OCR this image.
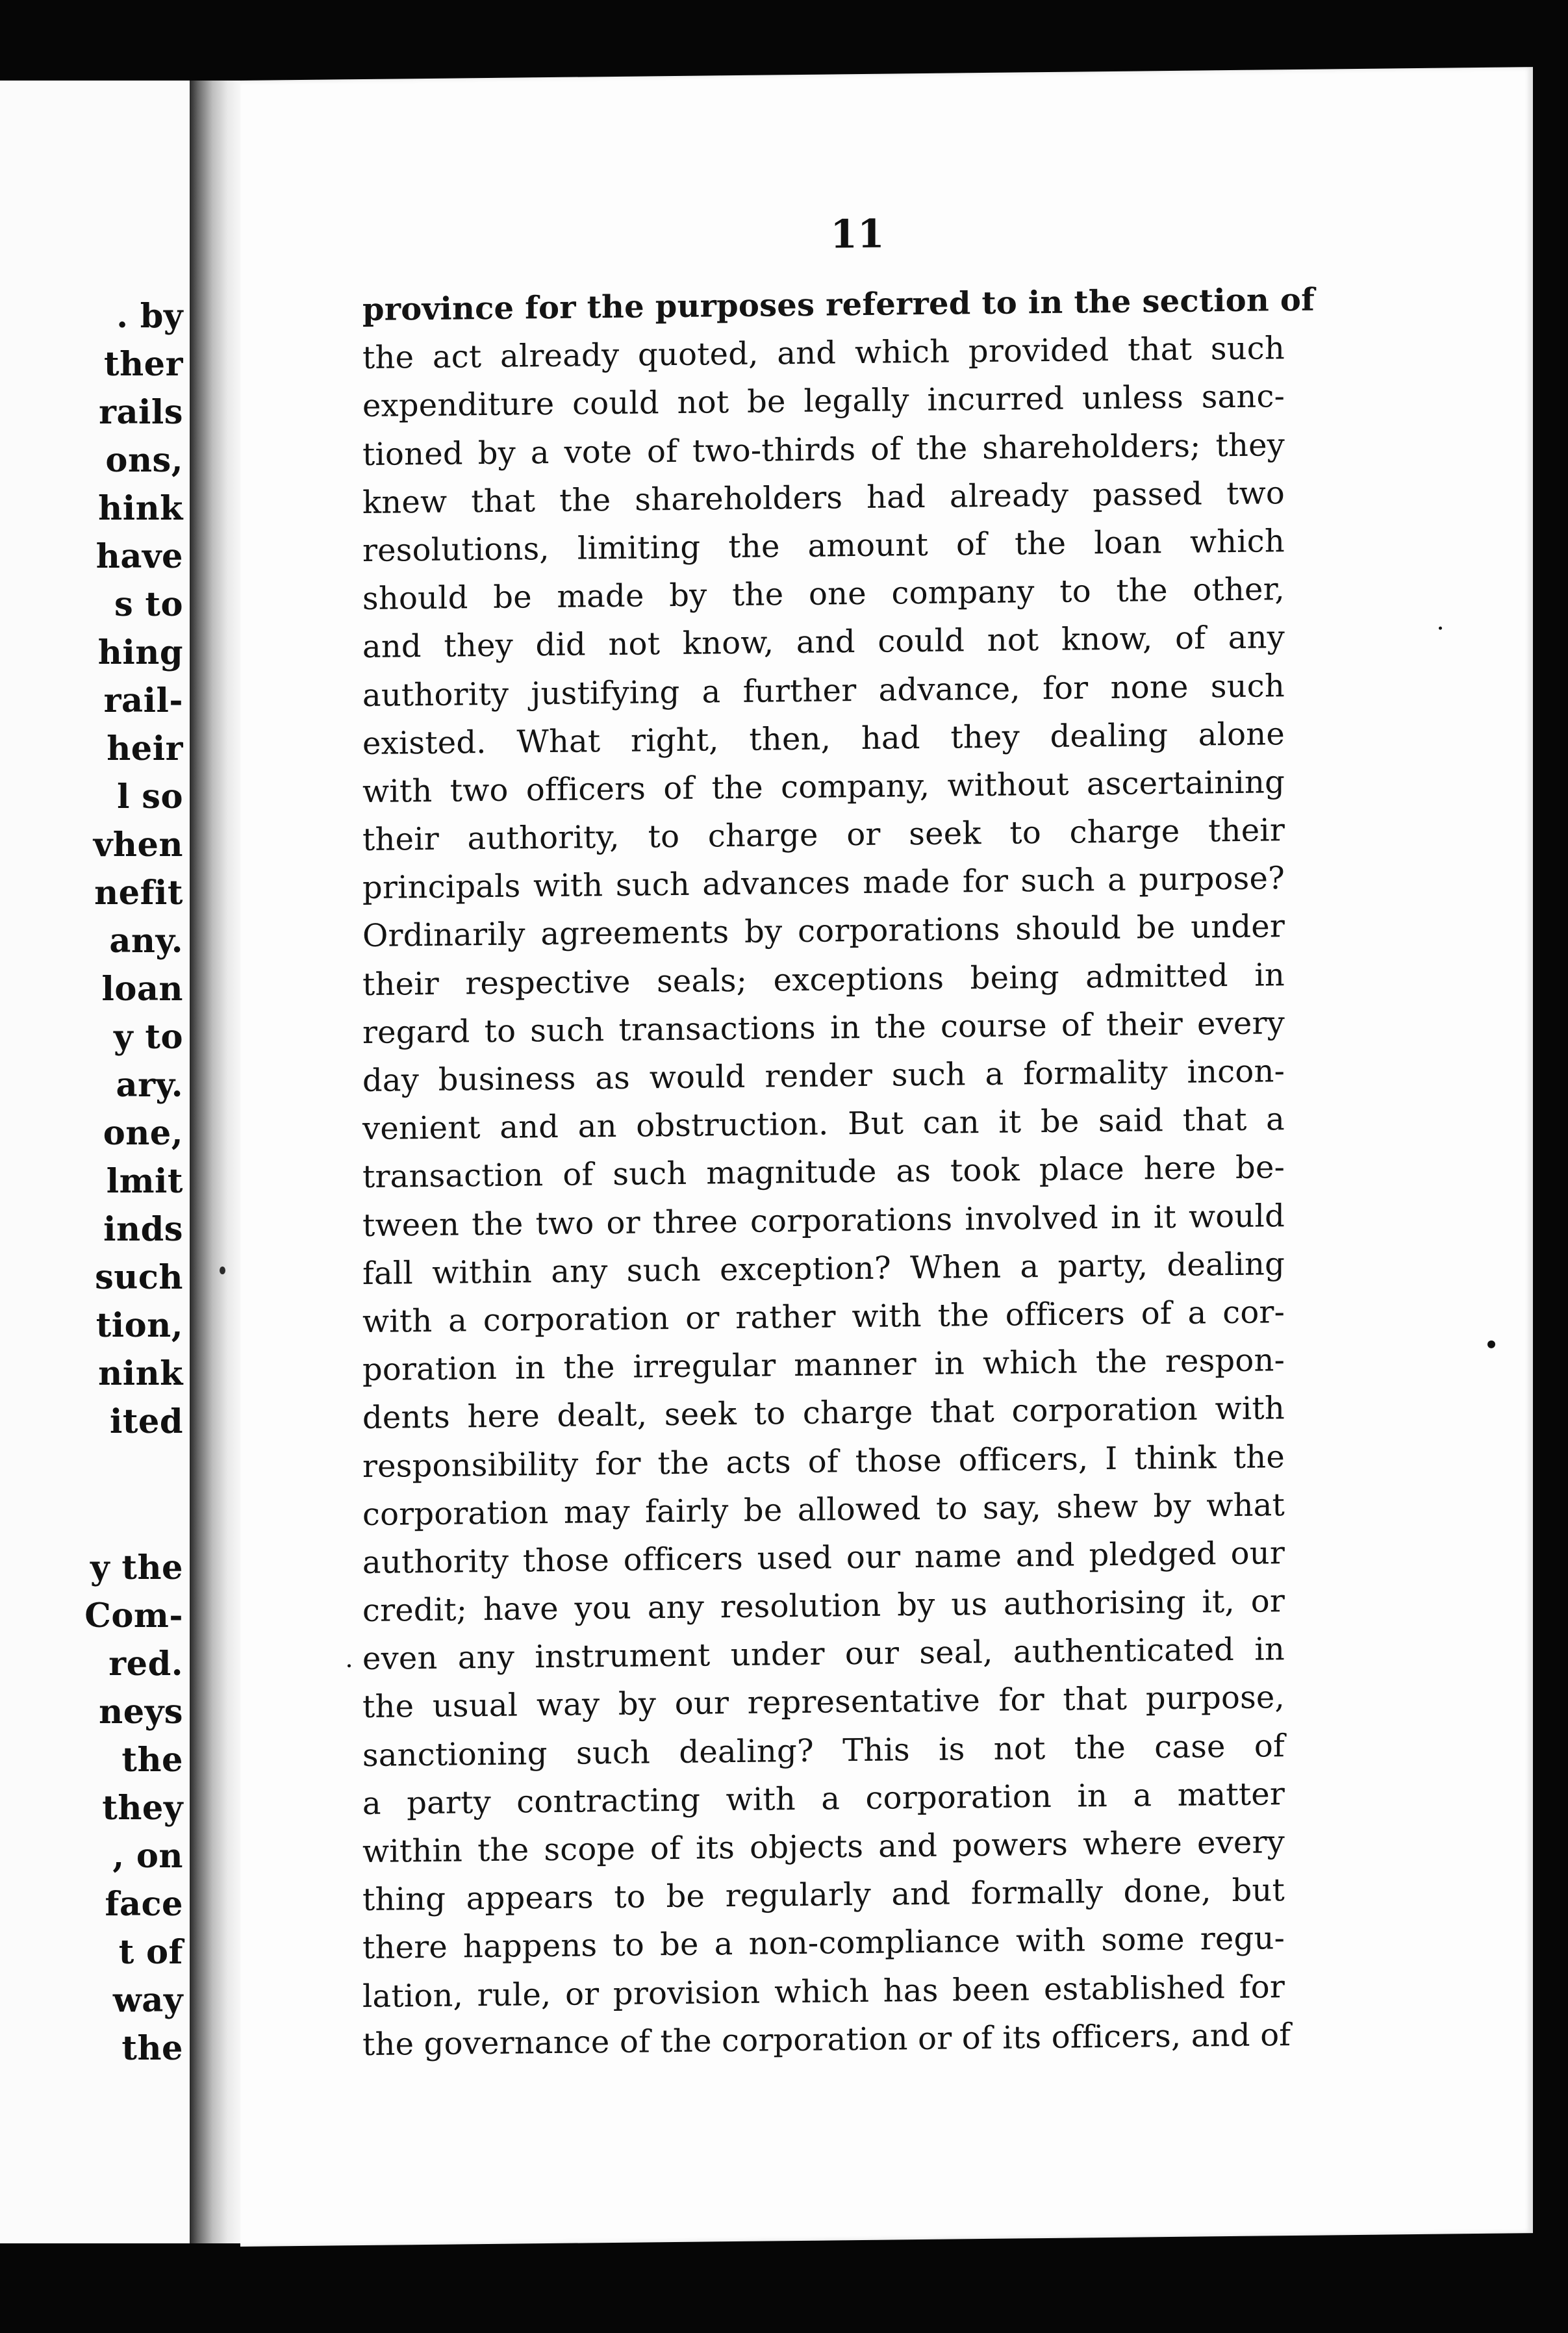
. by
ther
rails
ons,
hink
have
s to
hing
rail-
heir
l so
vhen
nefit
any.
loan
y to
ary.
one,
lmit
inds
such
tion,
nink
ited
y the
Com-
red.
neys
the
they
, on
face
t of
way
the
11
province for the purposes referred to in the section of
the act already quoted, and which provided that such
expenditure could not be legally incurred unless sanc-
tioned by a vote of two-thirds of the shareholders; they
knew that the shareholders had already passed two
resolutions, limiting the amount of the loan which
should be made by the one company to the other,
and they did not know, and could not know, of any
authority justifying a further advance, for none such
existed. What right, then, had they dealing alone
with two officers of the company, without ascertaining
their authority, to charge or seek to charge their
principals with such advances made for such a purpose?
Ordinarily agreements by corporations should be under
their respective seals; exceptions being admitted in
regard to such transactions in the course of their every
day business as would render such a formality incon-
venient and an obstruction. But can it be said that a
transaction of such magnitude as took place here be-
tween the two or three corporations involved in it would
fall within any such exception? When a party, dealing
with a corporation or rather with the officers of a cor-
poration in the irregular manner in which the respon-
dents here dealt, seek to charge that corporation with
responsibility for the acts of those officers, I think the
corporation may fairly be allowed to say, shew by what
authority those officers used our name and pledged our
credit; have you any resolution by us authorising it, or
even any instrument under our seal, authenticated in
the usual way by our representative for that purpose,
sanctioning such dealing? This is not the case of
a party contracting with a corporation in a matter
within the scope of its objects and powers where every
thing appears to be regularly and formally done, but
there happens to be a non-compliance with some regu-
lation, rule, or provision which has been established for
the governance of the corporation or of its officers, and of
